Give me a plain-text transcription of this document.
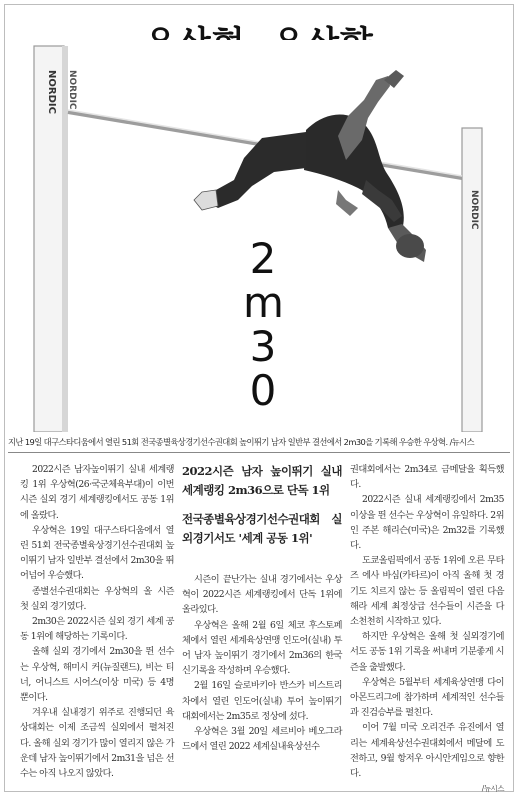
NORDIC NORDIC
NORDIC
2
m
3
0
지난 19일 대구스타디움에서 열린 51회 전국종별육상경기선수권대회 높이뛰기 남자 일반부 결선에서 2m30을 기록해 우승한 우상혁. /뉴시스

2022시즌 남자높이뛰기 실내 세계랭킹 1위 우상혁(26·국군체육부대)이 이번 시즌 실외 경기 세계랭킹에서도 공동 1위에 올랐다.

우상혁은 19일 대구스타디움에서 열린 51회 전국종별육상경기선수권대회 높이뛰기 남자 일반부 결선에서 2m30을 뛰어넘어 우승했다.

종별선수권대회는 우상혁의 올 시즌 첫 실외 경기였다.

2m30은 2022시즌 실외 경기 세계 공동 1위에 해당하는 기록이다.

올해 실외 경기에서 2m30을 뛴 선수는 우상혁, 해미시 커(뉴질랜드), 비는 티너, 어니스트 시어스(이상 미국) 등 4명 뿐이다.

겨우내 실내경기 위주로 진행되던 육상대회는 이제 조금씩 실외에서 펼쳐진다. 올해 실외 경기가 많이 열리지 않은 가운데 남자 높이뛰기에서 2m31을 넘은 선수는 아직 나오지 않았다.

2022시즌 남자 높이뛰기 실내 세계랭킹 2m36으로 단독 1위

전국종별육상경기선수권대회 실외경기서도 '세계 공동 1위'

시즌이 끝난가는 실내 경기에서는 우상혁이 2022시즌 세계랭킹에서 단독 1위에 올라있다.

우상혁은 올해 2월 6일 체코 후스토페체에서 열린 세계육상연맹 인도어(실내) 투어 남자 높이뛰기 경기에서 2m36의 한국신기록을 작성하며 우승했다.

2월 16일 슬로바키아 반스카 비스트리차에서 열린 인도어(실내) 투어 높이뛰기 대회에서는 2m35로 정상에 섰다.

우상혁은 3월 20일 세르비아 베오그라드에서 열린 2022 세계실내육상선수

권대회에서는 2m34로 금메달을 획득했다.

2022시즌 실내 세계랭킹에서 2m35 이상을 뛴 선수는 우상혁이 유일하다. 2위인 주본 해리슨(미국)은 2m32를 기록했다.

도쿄올림픽에서 공동 1위에 오른 무타즈 에사 바심(카타르)이 아직 올해 첫 경기도 치르지 않는 등 올림픽이 열린 다음 해라 세계 최정상급 선수들이 시즌을 다소천천히 시작하고 있다.

하지만 우상혁은 올해 첫 실외경기에서도 공동 1위 기록을 써내며 기분좋게 시즌을 출발했다.

우상혁은 5월부터 세계육상연맹 다이아몬드리그에 참가하며 세계적인 선수들과 진검승부를 펼친다.

이어 7월 미국 오리건주 유진에서 열리는 세계육상선수권대회에서 메달에 도전하고, 9월 항저우 아시안게임으로 향한다.

/뉴시스
